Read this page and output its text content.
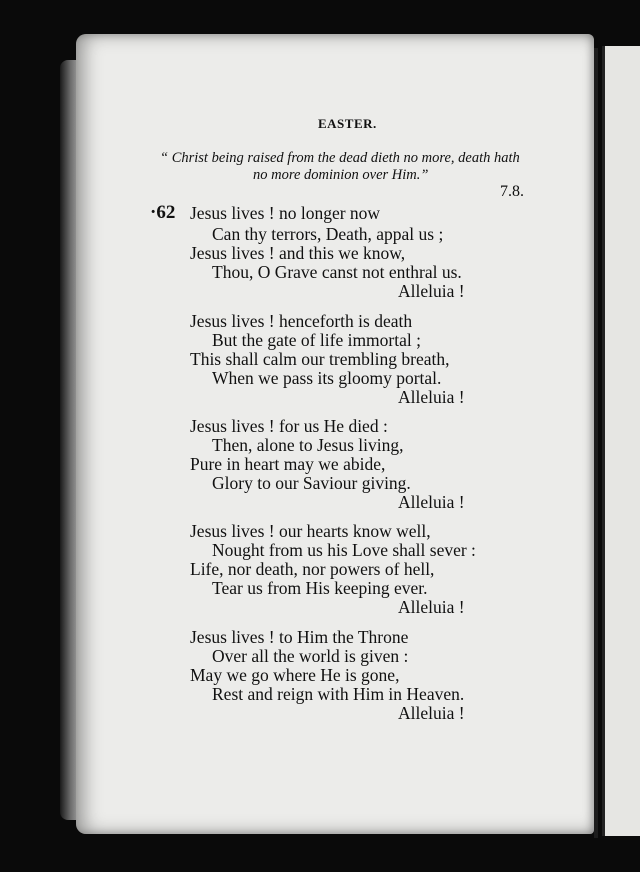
EASTER.
“ Christ being raised from the dead dieth no more, death hath
no more dominion over Him.”
7.8.
·62 Jesus lives ! no longer now
Can thy terrors, Death, appal us ;
Jesus lives ! and this we know,
Thou, O Grave canst not enthral us.
Alleluia !
Jesus lives ! henceforth is death
But the gate of life immortal ;
This shall calm our trembling breath,
When we pass its gloomy portal.
Alleluia !
Jesus lives ! for us He died :
Then, alone to Jesus living,
Pure in heart may we abide,
Glory to our Saviour giving.
Alleluia !
Jesus lives ! our hearts know well,
Nought from us his Love shall sever :
Life, nor death, nor powers of hell,
Tear us from His keeping ever.
Alleluia !
Jesus lives ! to Him the Throne
Over all the world is given :
May we go where He is gone,
Rest and reign with Him in Heaven.
Alleluia !
